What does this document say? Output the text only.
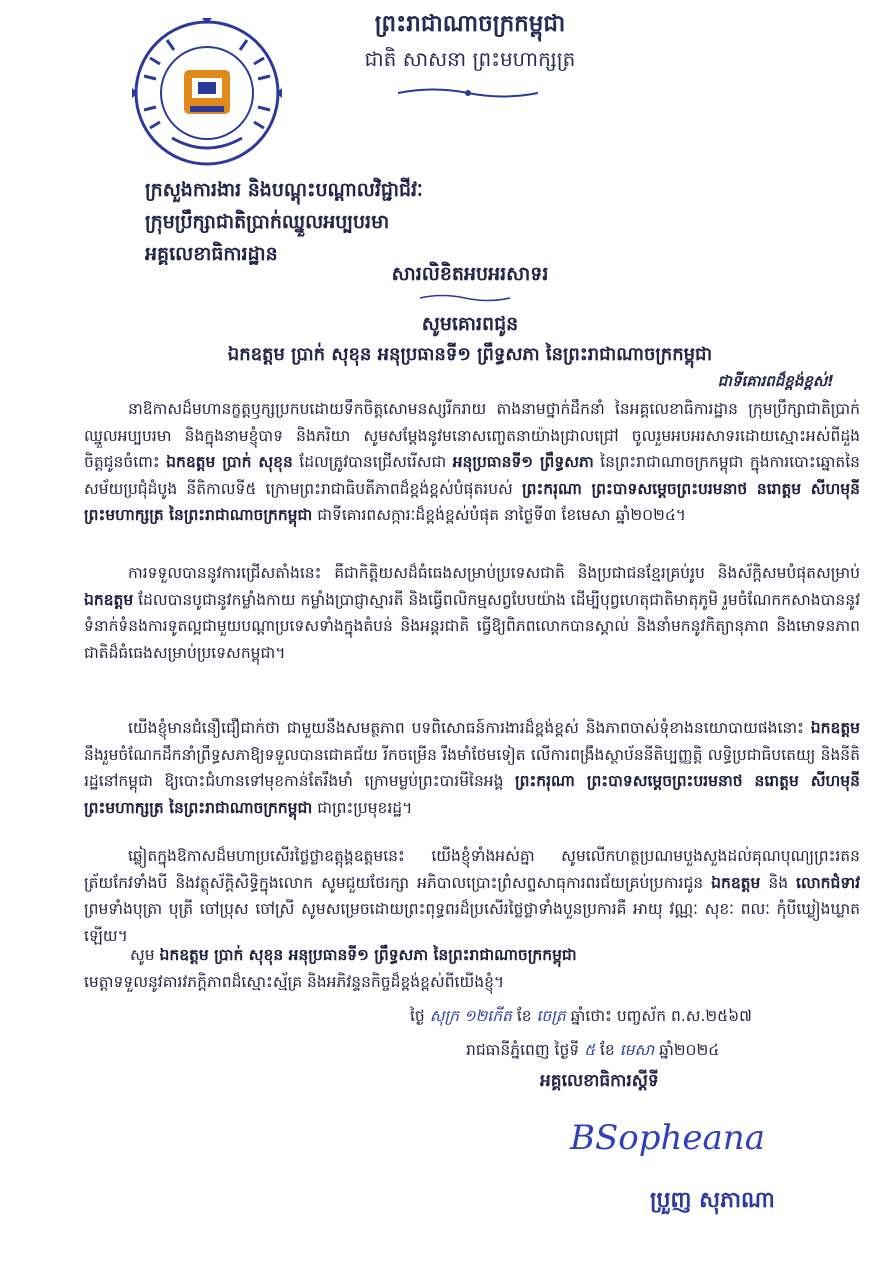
ព្រះរាជាណាចក្រកម្ពុជា
ជាតិ សាសនា ព្រះមហាក្សត្រ
ក្រសួងការងារ និងបណ្តុះបណ្តាលវិជ្ជាជីវៈ
ក្រុមប្រឹក្សាជាតិប្រាក់ឈ្នួលអប្បបរមា
អគ្គលេខាធិការដ្ឋាន
សារលិខិតអបអរសាទរ
សូមគោរពជូន
ឯកឧត្តម ប្រាក់ សុខុន អនុប្រធានទី១ ព្រឹទ្ធសភា នៃព្រះរាជាណាចក្រកម្ពុជា
ជាទីគោរពដ៏ខ្ពង់ខ្ពស់!

នាឱកាសដ៏មហានក្ខត្តឫក្សប្រកបដោយទឹកចិត្តសោមនស្សរីករាយ តាងនាមថ្នាក់ដឹកនាំ នៃអគ្គលេខាធិការដ្ឋាន ក្រុមប្រឹក្សាជាតិប្រាក់ឈ្នួលអប្បបរមា និងក្នុងនាមខ្ញុំបាទ និងភរិយា សូមសម្តែងនូវមនោសញ្ចេតនាយ៉ាងជ្រាលជ្រៅ ចូលរួមអបអរសាទរដោយស្មោះអស់ពីដួងចិត្តជូនចំពោះ ឯកឧត្តម ប្រាក់ សុខុន ដែលត្រូវបានជ្រើសរើសជា អនុប្រធានទី១ ព្រឹទ្ធសភា នៃព្រះរាជាណាចក្រកម្ពុជា ក្នុងការបោះឆ្នោតនៃសម័យប្រជុំដំបូង នីតិកាលទី៥ ក្រោមព្រះរាជាធិបតីភាពដ៏ខ្ពង់ខ្ពស់បំផុតរបស់ ព្រះករុណា ព្រះបាទសម្តេចព្រះបរមនាថ នរោត្តម សីហមុនី ព្រះមហាក្សត្រ នៃព្រះរាជាណាចក្រកម្ពុជា ជាទីគោរពសក្ការៈដ៏ខ្ពង់ខ្ពស់បំផុត នាថ្ងៃទី៣ ខែមេសា ឆ្នាំ២០២៤។

ការទទួលបាននូវការជ្រើសតាំងនេះ គឺជាកិត្តិយសដ៏ធំធេងសម្រាប់ប្រទេសជាតិ និងប្រជាជនខ្មែរគ្រប់រូប និងស័ក្តិសមបំផុតសម្រាប់ ឯកឧត្តម ដែលបានបូជានូវកម្លាំងកាយ កម្លាំងប្រាជ្ញាស្មារតី និងធ្វើពលិកម្មសព្វបែបយ៉ាង ដើម្បីបុព្វហេតុជាតិមាតុភូមិ រួមចំណែកកសាងបាននូវទំនាក់ទំនងការទូតល្អជាមួយបណ្តាប្រទេសទាំងក្នុងតំបន់ និងអន្តរជាតិ ធ្វើឱ្យពិភពលោកបានស្គាល់ និងនាំមកនូវកិត្យានុភាព និងមោទនភាពជាតិដ៏ធំធេងសម្រាប់ប្រទេសកម្ពុជា។

យើងខ្ញុំមានជំនឿជឿជាក់ថា ជាមួយនឹងសមត្ថភាព បទពិសោធន៍ការងារដ៏ខ្ពង់ខ្ពស់ និងភាពចាស់ទុំខាងនយោបាយផងនោះ ឯកឧត្តម នឹងរួមចំណែកដឹកនាំព្រឹទ្ធសភាឱ្យទទួលបានជោគជ័យ រីកចម្រើន រឹងមាំថែមទៀត លើការពង្រឹងស្ថាប័ននីតិប្បញ្ញត្តិ លទ្ធិប្រជាធិបតេយ្យ និងនីតិរដ្ឋនៅកម្ពុជា ឱ្យបោះជំហានទៅមុខកាន់តែរឹងមាំ ក្រោមម្លប់ព្រះបារមីនៃអង្គ ព្រះករុណា ព្រះបាទសម្តេចព្រះបរមនាថ នរោត្តម សីហមុនី ព្រះមហាក្សត្រ នៃព្រះរាជាណាចក្រកម្ពុជា ជាព្រះប្រមុខរដ្ឋ។

ឆ្លៀតក្នុងឱកាសដ៏មហាប្រសើរថ្លៃថ្លាឧត្តុង្គឧត្តមនេះ យើងខ្ញុំទាំងអស់គ្នា សូមលើកហត្ថប្រណមបួងសួងដល់គុណបុណ្យព្រះរតនត្រ័យកែវទាំងបី និងវត្ថុស័ក្តិសិទ្ធិក្នុងលោក សូមជួយថែរក្សា អភិបាលប្រោះព្រំសព្ទសាធុការពរជ័យគ្រប់ប្រការជូន ឯកឧត្តម និង លោកជំទាវ ព្រមទាំងបុត្រា បុត្រី ចៅប្រុស ចៅស្រី សូមសម្រេចដោយព្រះពុទ្ធពរដ៏ប្រសើរថ្លៃថ្លាទាំងបួនប្រការគឺ អាយុ វណ្ណៈ សុខៈ ពលៈ កុំបីឃ្លៀងឃ្លាតឡើយ។

សូម ឯកឧត្តម ប្រាក់ សុខុន អនុប្រធានទី១ ព្រឹទ្ធសភា នៃព្រះរាជាណាចក្រកម្ពុជា
មេត្តាទទួលនូវគារវភក្តិភាពដ៏ស្មោះស្ម័គ្រ និងអភិវន្ទនកិច្ចដ៏ខ្ពង់ខ្ពស់ពីយើងខ្ញុំ។
ថ្ងៃ សុក្រ ១២កើត ខែ ចេត្រ ឆ្នាំថោះ បញ្ចស័ក ព.ស.២៥៦៧
រាជធានីភ្នំពេញ ថ្ងៃទី ៥ ខែ មេសា ឆ្នាំ២០២៤
អគ្គលេខាធិការស្តីទី
BSopheana
ប្រួញ សុភាណា
